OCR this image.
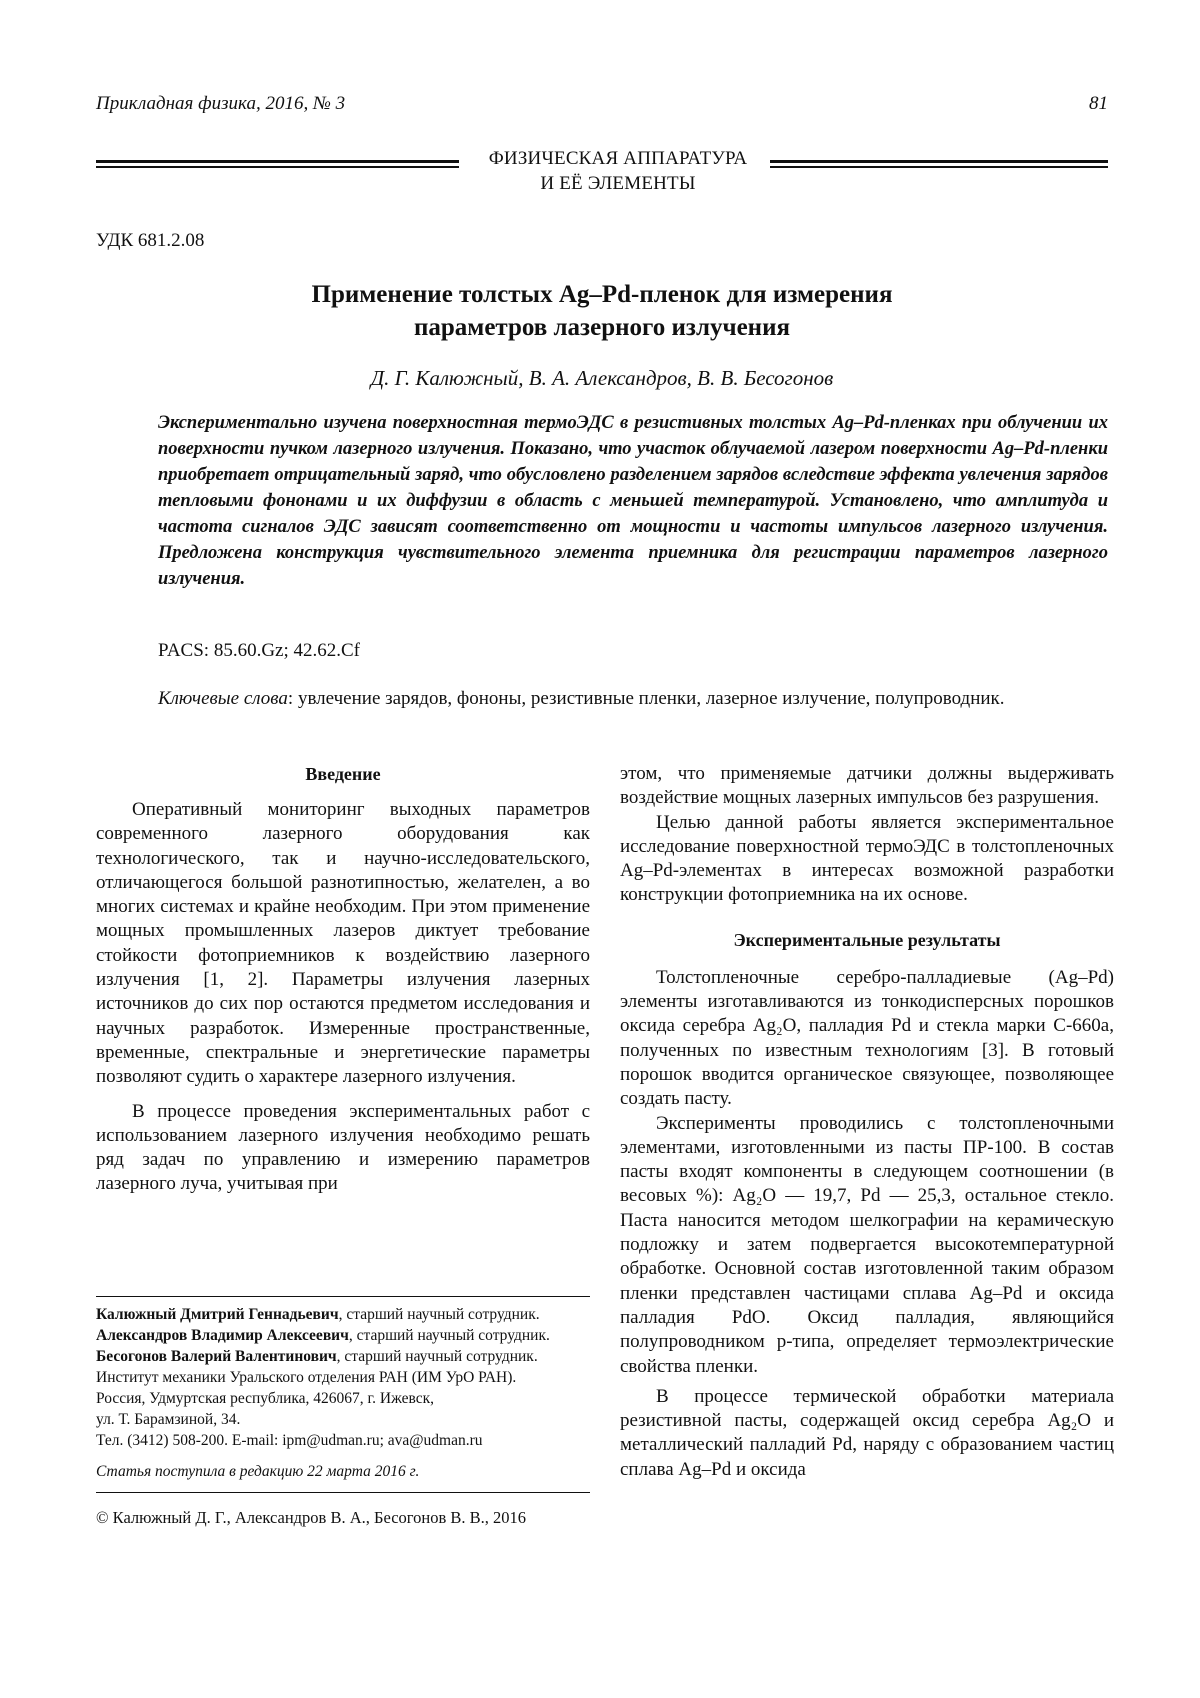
Прикладная физика, 2016, № 3	81
ФИЗИЧЕСКАЯ АППАРАТУРА
И ЕЁ ЭЛЕМЕНТЫ
УДК 681.2.08
Применение толстых Ag–Pd-пленок для измерения
параметров лазерного излучения
Д. Г. Калюжный, В. А. Александров, В. В. Бесогонов
Экспериментально изучена поверхностная термоЭДС в резистивных толстых Ag–Pd-пленках при облучении их поверхности пучком лазерного излучения. Показано, что участок облучаемой лазером поверхности Ag–Pd-пленки приобретает отрицательный заряд, что обусловлено разделением зарядов вследствие эффекта увлечения зарядов тепловыми фононами и их диффузии в область с меньшей температурой. Установлено, что амплитуда и частота сигналов ЭДС зависят соответственно от мощности и частоты импульсов лазерного излучения. Предложена конструкция чувствительного элемента приемника для регистрации параметров лазерного излучения.
PACS: 85.60.Gz; 42.62.Cf
Ключевые слова: увлечение зарядов, фононы, резистивные пленки, лазерное излучение, полупроводник.
Введение

Оперативный мониторинг выходных параметров современного лазерного оборудования как технологического, так и научно-исследовательского, отличающегося большой разнотипностью, желателен, а во многих системах и крайне необходим. При этом применение мощных промышленных лазеров диктует требование стойкости фотоприемников к воздействию лазерного излучения [1, 2]. Параметры излучения лазерных источников до сих пор остаются предметом исследования и научных разработок. Измеренные пространственные, временные, спектральные и энергетические параметры позволяют судить о характере лазерного излучения.

В процессе проведения экспериментальных работ с использованием лазерного излучения необходимо решать ряд задач по управлению и измерению параметров лазерного луча, учитывая при

этом, что применяемые датчики должны выдерживать воздействие мощных лазерных импульсов без разрушения.

Целью данной работы является экспериментальное исследование поверхностной термоЭДС в толстопленочных Ag–Pd-элементах в интересах возможной разработки конструкции фотоприемника на их основе.

Экспериментальные результаты

Толстопленочные серебро-палладиевые (Ag–Pd) элементы изготавливаются из тонкодисперсных порошков оксида серебра Ag₂O, палладия Pd и стекла марки С-660а, полученных по известным технологиям [3]. В готовый порошок вводится органическое связующее, позволяющее создать пасту.

Эксперименты проводились с толстопленочными элементами, изготовленными из пасты ПР-100. В состав пасты входят компоненты в следующем соотношении (в весовых %): Ag₂O — 19,7, Pd — 25,3, остальное стекло. Паста наносится методом шелкографии на керамическую подложку и затем подвергается высокотемпературной обработке. Основной состав изготовленной таким образом пленки представлен частицами сплава Ag–Pd и оксида палладия PdO. Оксид палладия, являющийся полупроводником p-типа, определяет термоэлектрические свойства пленки.

В процессе термической обработки материала резистивной пасты, содержащей оксид серебра Ag₂O и металлический палладий Pd, наряду с образованием частиц сплава Ag–Pd и оксида

Калюжный Дмитрий Геннадьевич, старший научный сотрудник.

Александров Владимир Алексеевич, старший научный сотрудник.

Бесогонов Валерий Валентинович, старший научный сотрудник.

Институт механики Уральского отделения РАН (ИМ УрО РАН).

Россия, Удмуртская республика, 426067, г. Ижевск,

ул. Т. Барамзиной, 34.

Тел. (3412) 508-200. E-mail: ipm@udman.ru; ava@udman.ru

Статья поступила в редакцию 22 марта 2016 г.

© Калюжный Д. Г., Александров В. А., Бесогонов В. В., 2016
